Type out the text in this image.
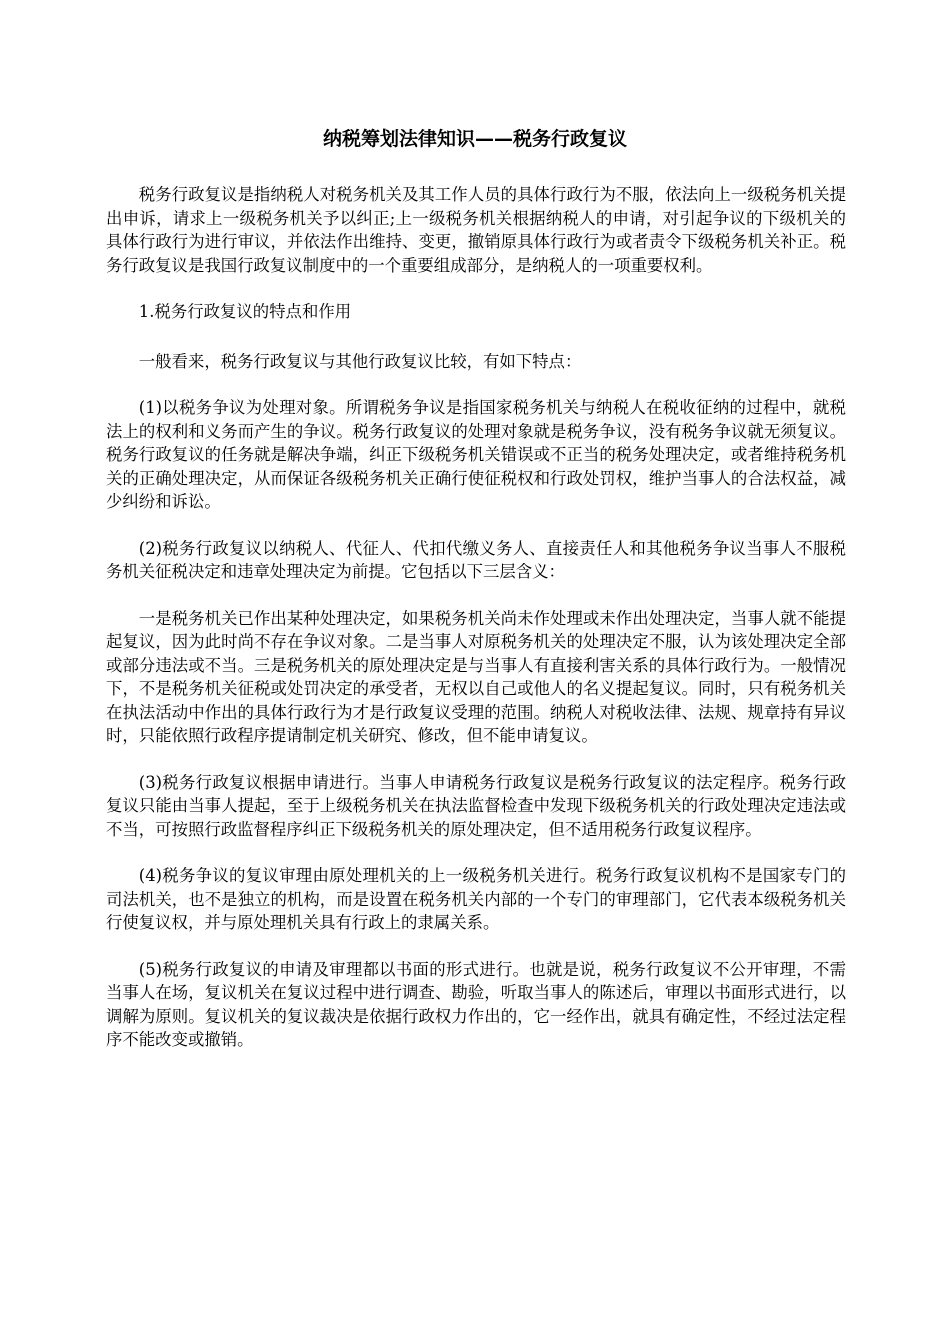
纳税筹划法律知识——税务行政复议

税务行政复议是指纳税人对税务机关及其工作人员的具体行政行为不服，依法向上一级税务机关提出申诉，请求上一级税务机关予以纠正;上一级税务机关根据纳税人的申请，对引起争议的下级机关的具体行政行为进行审议，并依法作出维持、变更，撤销原具体行政行为或者责令下级税务机关补正。税务行政复议是我国行政复议制度中的一个重要组成部分，是纳税人的一项重要权利。

1.税务行政复议的特点和作用

一般看来，税务行政复议与其他行政复议比较，有如下特点：

(1)以税务争议为处理对象。所谓税务争议是指国家税务机关与纳税人在税收征纳的过程中，就税法上的权利和义务而产生的争议。税务行政复议的处理对象就是税务争议，没有税务争议就无须复议。税务行政复议的任务就是解决争端，纠正下级税务机关错误或不正当的税务处理决定，或者维持税务机关的正确处理决定，从而保证各级税务机关正确行使征税权和行政处罚权，维护当事人的合法权益，减少纠纷和诉讼。

(2)税务行政复议以纳税人、代征人、代扣代缴义务人、直接责任人和其他税务争议当事人不服税务机关征税决定和违章处理决定为前提。它包括以下三层含义：

一是税务机关已作出某种处理决定，如果税务机关尚未作处理或未作出处理决定，当事人就不能提起复议，因为此时尚不存在争议对象。二是当事人对原税务机关的处理决定不服，认为该处理决定全部或部分违法或不当。三是税务机关的原处理决定是与当事人有直接利害关系的具体行政行为。一般情况下，不是税务机关征税或处罚决定的承受者，无权以自己或他人的名义提起复议。同时，只有税务机关在执法活动中作出的具体行政行为才是行政复议受理的范围。纳税人对税收法律、法规、规章持有异议时，只能依照行政程序提请制定机关研究、修改，但不能申请复议。

(3)税务行政复议根据申请进行。当事人申请税务行政复议是税务行政复议的法定程序。税务行政复议只能由当事人提起，至于上级税务机关在执法监督检查中发现下级税务机关的行政处理决定违法或不当，可按照行政监督程序纠正下级税务机关的原处理决定，但不适用税务行政复议程序。

(4)税务争议的复议审理由原处理机关的上一级税务机关进行。税务行政复议机构不是国家专门的司法机关，也不是独立的机构，而是设置在税务机关内部的一个专门的审理部门，它代表本级税务机关行使复议权，并与原处理机关具有行政上的隶属关系。

(5)税务行政复议的申请及审理都以书面的形式进行。也就是说，税务行政复议不公开审理，不需当事人在场，复议机关在复议过程中进行调查、勘验，听取当事人的陈述后，审理以书面形式进行，以调解为原则。复议机关的复议裁决是依据行政权力作出的，它一经作出，就具有确定性，不经过法定程序不能改变或撤销。
